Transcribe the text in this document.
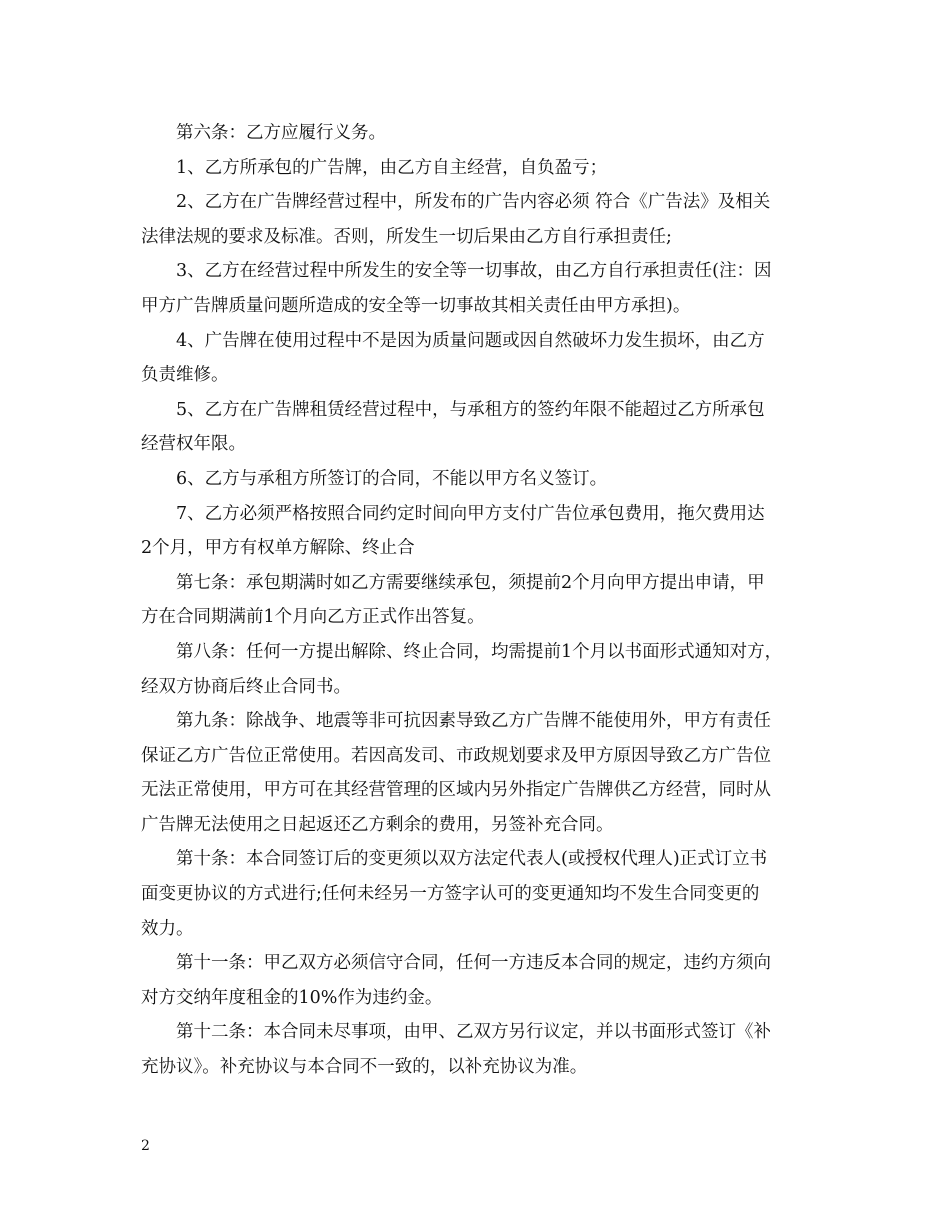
第六条：乙方应履行义务。
1、乙方所承包的广告牌，由乙方自主经营，自负盈亏；
2、乙方在广告牌经营过程中，所发布的广告内容必须 符合《广告法》及相关
法律法规的要求及标准。否则，所发生一切后果由乙方自行承担责任;
3、乙方在经营过程中所发生的安全等一切事故，由乙方自行承担责任(注：因
甲方广告牌质量问题所造成的安全等一切事故其相关责任由甲方承担)。
4、广告牌在使用过程中不是因为质量问题或因自然破坏力发生损坏，由乙方
负责维修。
5、乙方在广告牌租赁经营过程中，与承租方的签约年限不能超过乙方所承包
经营权年限。
6、乙方与承租方所签订的合同，不能以甲方名义签订。
7、乙方必须严格按照合同约定时间向甲方支付广告位承包费用，拖欠费用达
2个月，甲方有权单方解除、终止合
第七条：承包期满时如乙方需要继续承包，须提前2个月向甲方提出申请，甲
方在合同期满前1个月向乙方正式作出答复。
第八条：任何一方提出解除、终止合同，均需提前1个月以书面形式通知对方，
经双方协商后终止合同书。
第九条：除战争、地震等非可抗因素导致乙方广告牌不能使用外，甲方有责任
保证乙方广告位正常使用。若因高发司、市政规划要求及甲方原因导致乙方广告位
无法正常使用，甲方可在其经营管理的区域内另外指定广告牌供乙方经营，同时从
广告牌无法使用之日起返还乙方剩余的费用，另签补充合同。
第十条：本合同签订后的变更须以双方法定代表人(或授权代理人)正式订立书
面变更协议的方式进行;任何未经另一方签字认可的变更通知均不发生合同变更的
效力。
第十一条：甲乙双方必须信守合同，任何一方违反本合同的规定，违约方须向
对方交纳年度租金的10%作为违约金。
第十二条：本合同未尽事项，由甲、乙双方另行议定，并以书面形式签订《补
充协议》。补充协议与本合同不一致的，以补充协议为准。
2
